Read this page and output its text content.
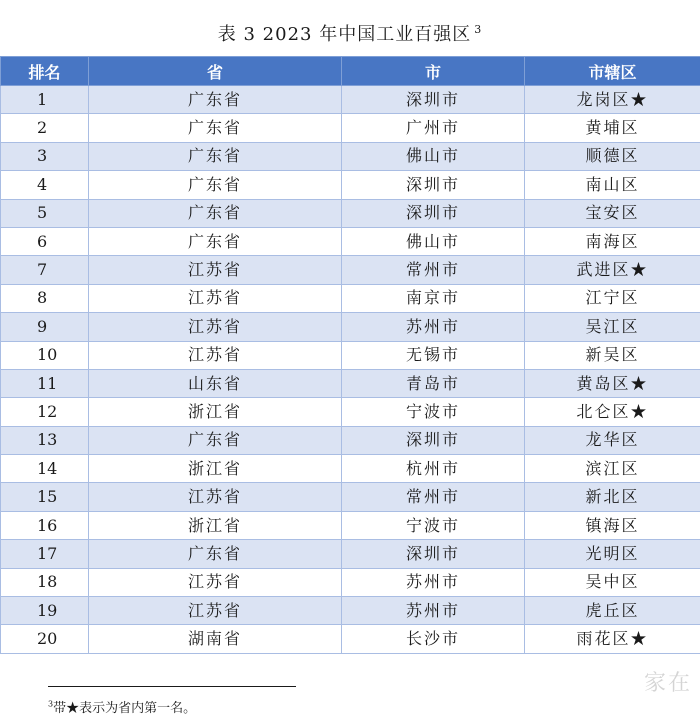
表 3 2023 年中国工业百强区 $^3$
排名	省	市	市辖区
1	广东省	深圳市	龙岗区★
2	广东省	广州市	黄埔区
3	广东省	佛山市	顺德区
4	广东省	深圳市	南山区
5	广东省	深圳市	宝安区
6	广东省	佛山市	南海区
7	江苏省	常州市	武进区★
8	江苏省	南京市	江宁区
9	江苏省	苏州市	吴江区
10	江苏省	无锡市	新吴区
11	山东省	青岛市	黄岛区★
12	浙江省	宁波市	北仑区★
13	广东省	深圳市	龙华区
14	浙江省	杭州市	滨江区
15	江苏省	常州市	新北区
16	浙江省	宁波市	镇海区
17	广东省	深圳市	光明区
18	江苏省	苏州市	吴中区
19	江苏省	苏州市	虎丘区
20	湖南省	长沙市	雨花区★
$^3$带★表示为省内第一名。
家在
